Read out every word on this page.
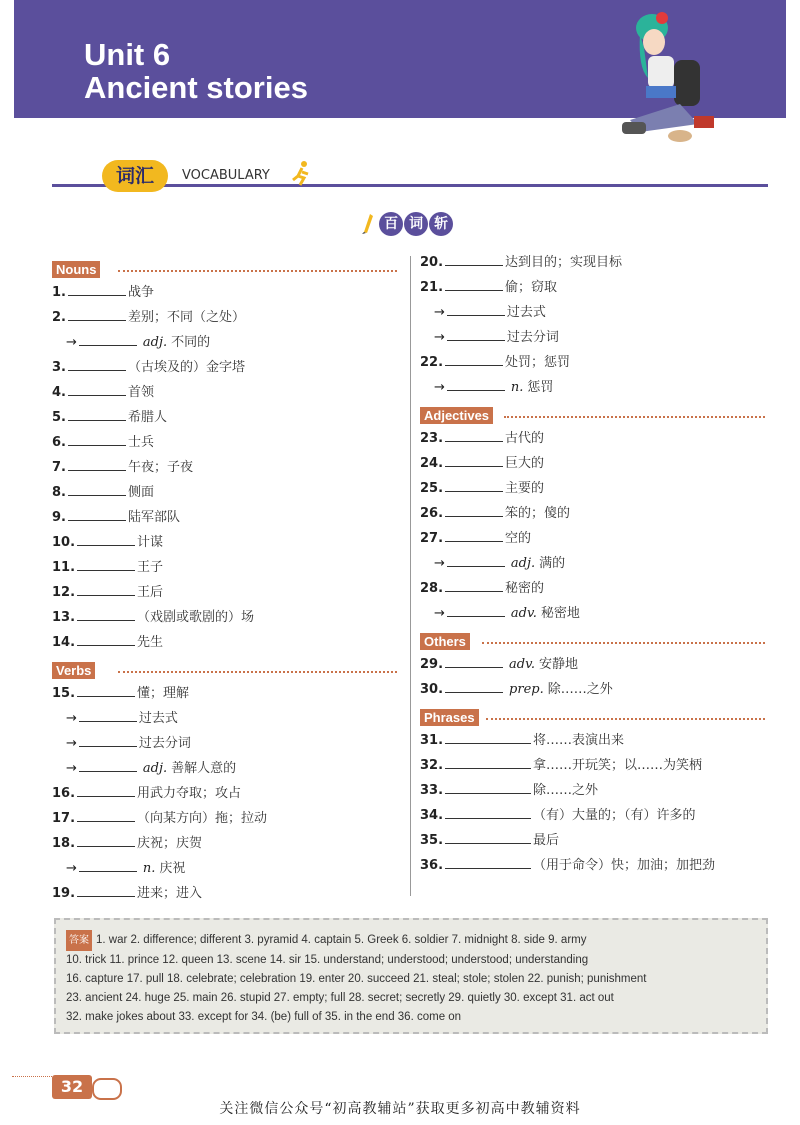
Unit 6
Ancient stories
词汇	VOCABULARY
百 词 斩
Nouns
1.	战争
2.	差别；不同（之处）
→	adj. 不同的
3.	（古埃及的）金字塔
4.	首领
5.	希腊人
6.	士兵
7.	午夜；子夜
8.	侧面
9.	陆军部队
10.	计谋
11.	王子
12.	王后
13.	（戏剧或歌剧的）场
14.	先生
Verbs
15.	懂；理解
→	过去式
→	过去分词
→	adj. 善解人意的
16.	用武力夺取；攻占
17.	（向某方向）拖；拉动
18.	庆祝；庆贺
→	n. 庆祝
19.	进来；进入
20.	达到目的；实现目标
21.	偷；窃取
→	过去式
→	过去分词
22.	处罚；惩罚
→	n. 惩罚
Adjectives
23.	古代的
24.	巨大的
25.	主要的
26.	笨的；傻的
27.	空的
→	adj. 满的
28.	秘密的
→	adv. 秘密地
Others
29.	adv. 安静地
30.	prep. 除……之外
Phrases
31.	将……表演出来
32.	拿……开玩笑；以……为笑柄
33.	除……之外
34.	（有）大量的；（有）许多的
35.	最后
36.	（用于命令）快；加油；加把劲
答案 1. war 2. difference; different 3. pyramid 4. captain 5. Greek 6. soldier 7. midnight 8. side 9. army
10. trick 11. prince 12. queen 13. scene 14. sir 15. understand; understood; understood; understanding
16. capture 17. pull 18. celebrate; celebration 19. enter 20. succeed 21. steal; stole; stolen 22. punish; punishment
23. ancient 24. huge 25. main 26. stupid 27. empty; full 28. secret; secretly 29. quietly 30. except 31. act out
32. make jokes about 33. except for 34. (be) full of 35. in the end 36. come on
32
关注微信公众号“初高教辅站”获取更多初高中教辅资料
